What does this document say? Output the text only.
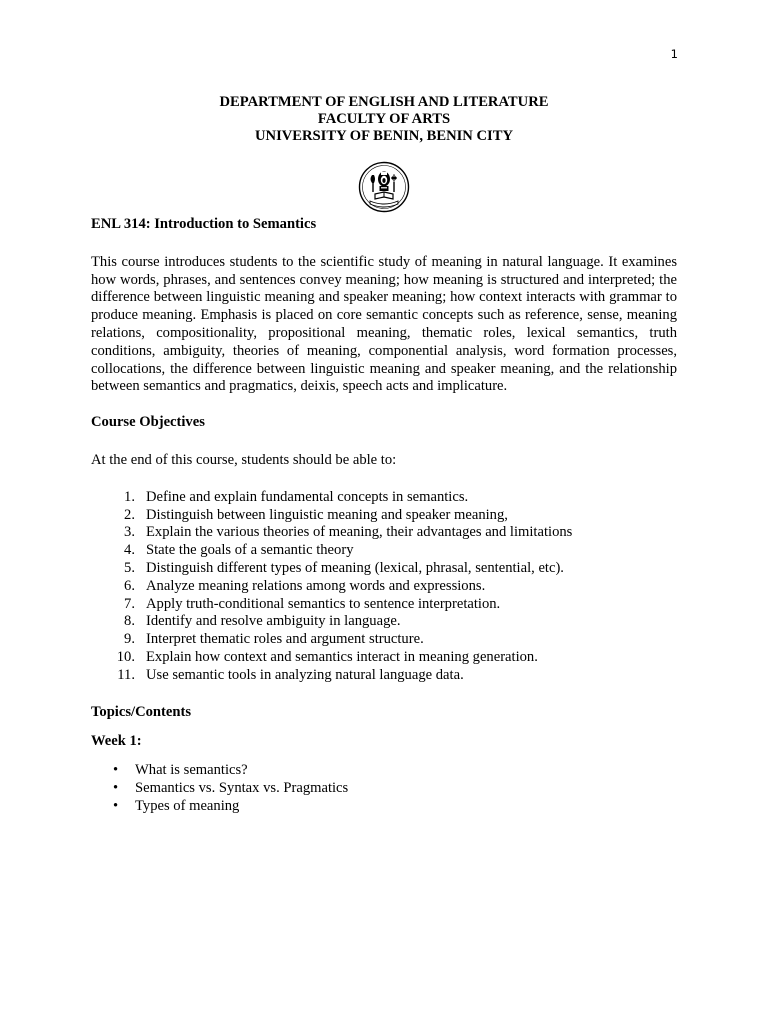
1
DEPARTMENT OF ENGLISH AND LITERATURE
FACULTY OF ARTS
UNIVERSITY OF BENIN, BENIN CITY
ENL 314: Introduction to Semantics

This course introduces students to the scientific study of meaning in natural language. It examines how words, phrases, and sentences convey meaning; how meaning is structured and interpreted; the difference between linguistic meaning and speaker meaning; how context interacts with grammar to produce meaning. Emphasis is placed on core semantic concepts such as reference, sense, meaning relations, compositionality, propositional meaning, thematic roles, lexical semantics, truth conditions, ambiguity, theories of meaning, componential analysis, word formation processes, collocations, the difference between linguistic meaning and speaker meaning, and the relationship between semantics and pragmatics, deixis, speech acts and implicature.

Course Objectives
At the end of this course, students should be able to:
1. Define and explain fundamental concepts in semantics.
2. Distinguish between linguistic meaning and speaker meaning,
3. Explain the various theories of meaning, their advantages and limitations
4. State the goals of a semantic theory
5. Distinguish different types of meaning (lexical, phrasal, sentential, etc).
6. Analyze meaning relations among words and expressions.
7. Apply truth-conditional semantics to sentence interpretation.
8. Identify and resolve ambiguity in language.
9. Interpret thematic roles and argument structure.
10. Explain how context and semantics interact in meaning generation.
11. Use semantic tools in analyzing natural language data.
Topics/Contents
Week 1:
•	What is semantics?
•	Semantics vs. Syntax vs. Pragmatics
•	Types of meaning
